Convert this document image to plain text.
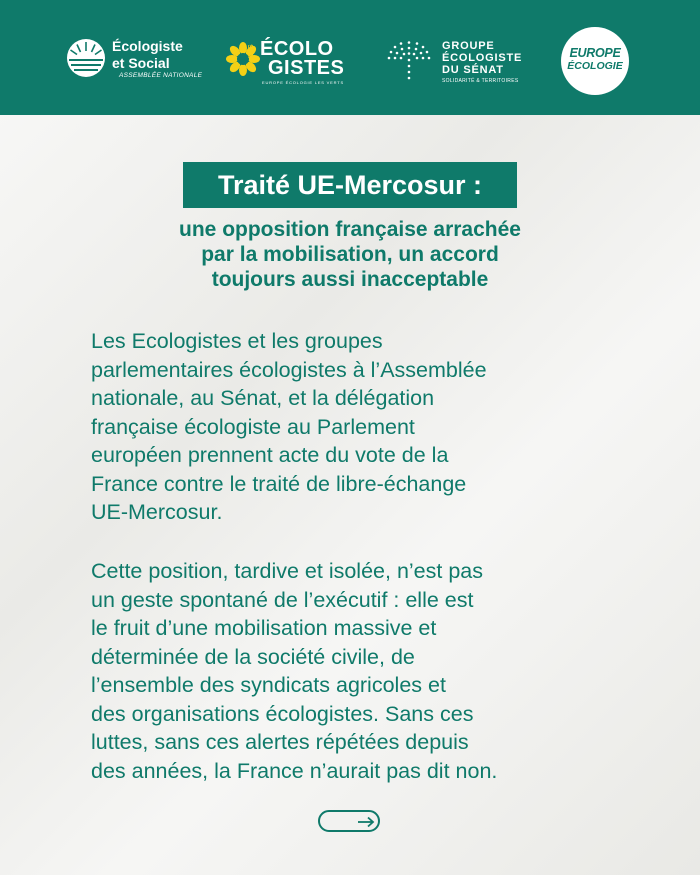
Écologiste
et Social
ASSEMBLÉE NATIONALE
LES ÉCOLO
GISTES
EUROPE ÉCOLOGIE LES VERTS
GROUPE
ÉCOLOGISTE
DU SÉNAT
SOLIDARITÉ & TERRITOIRES
EUROPE
ÉCOLOGIE
Traité UE-Mercosur :
une opposition française arrachée
par la mobilisation, un accord
toujours aussi inacceptable
Les Ecologistes et les groupes
parlementaires écologistes à l’Assemblée
nationale, au Sénat, et la délégation
française écologiste au Parlement
européen prennent acte du vote de la
France contre le traité de libre-échange
UE-Mercosur.
Cette position, tardive et isolée, n’est pas
un geste spontané de l’exécutif : elle est
le fruit d’une mobilisation massive et
déterminée de la société civile, de
l’ensemble des syndicats agricoles et
des organisations écologistes. Sans ces
luttes, sans ces alertes répétées depuis
des années, la France n’aurait pas dit non.
